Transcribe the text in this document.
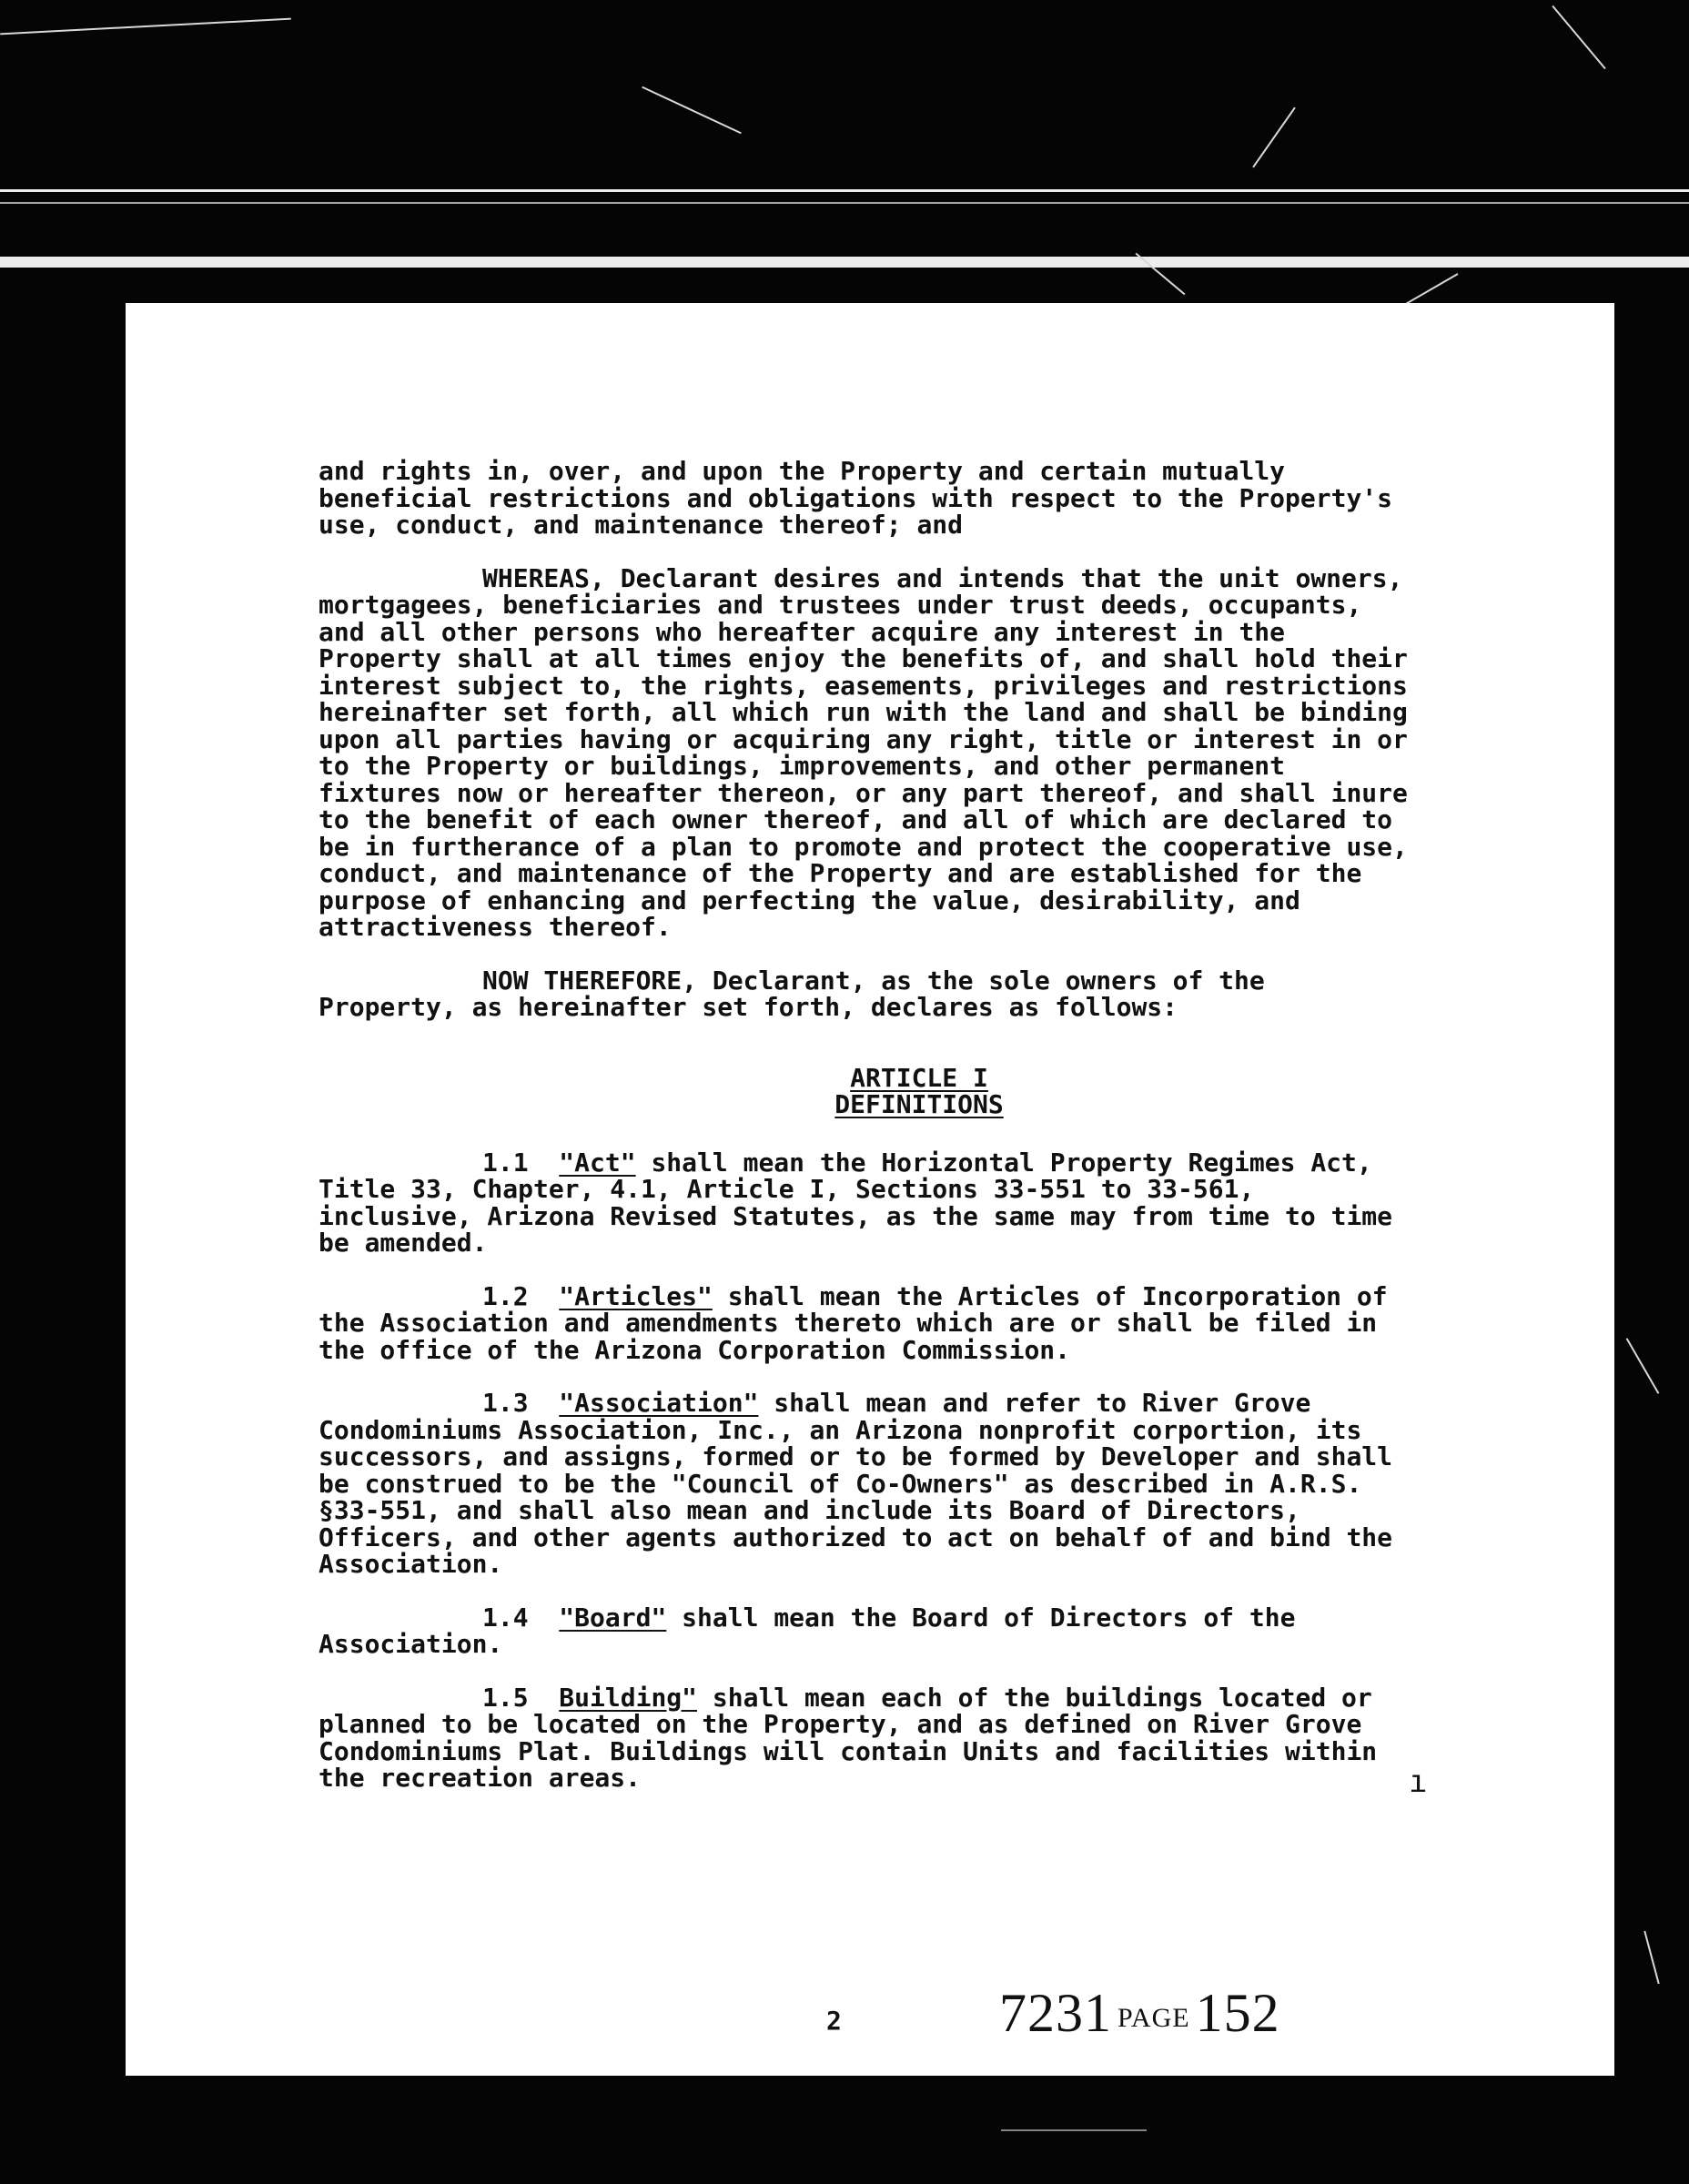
and rights in, over, and upon the Property and certain mutually beneficial restrictions and obligations with respect to the Property's use, conduct, and maintenance thereof; and

WHEREAS, Declarant desires and intends that the unit owners, mortgagees, beneficiaries and trustees under trust deeds, occupants, and all other persons who hereafter acquire any interest in the Property shall at all times enjoy the benefits of, and shall hold their interest subject to, the rights, easements, privileges and restrictions hereinafter set forth, all which run with the land and shall be binding upon all parties having or acquiring any right, title or interest in or to the Property or buildings, improvements, and other permanent fixtures now or hereafter thereon, or any part thereof, and shall inure to the benefit of each owner thereof, and all of which are declared to be in furtherance of a plan to promote and protect the cooperative use, conduct, and maintenance of the Property and are established for the purpose of enhancing and perfecting the value, desirability, and attractiveness thereof.

NOW THEREFORE, Declarant, as the sole owners of the Property, as hereinafter set forth, declares as follows:

ARTICLE I
DEFINITIONS

1.1 "Act" shall mean the Horizontal Property Regimes Act, Title 33, Chapter, 4.1, Article I, Sections 33-551 to 33-561, inclusive, Arizona Revised Statutes, as the same may from time to time be amended.

1.2 "Articles" shall mean the Articles of Incorporation of the Association and amendments thereto which are or shall be filed in the office of the Arizona Corporation Commission.

1.3 "Association" shall mean and refer to River Grove Condominiums Association, Inc., an Arizona nonprofit corportion, its successors, and assigns, formed or to be formed by Developer and shall be construed to be the "Council of Co-Owners" as described in A.R.S. §33-551, and shall also mean and include its Board of Directors, Officers, and other agents authorized to act on behalf of and bind the Association.

1.4 "Board" shall mean the Board of Directors of the Association.

1.5 Building" shall mean each of the buildings located or planned to be located on the Property, and as defined on River Grove Condominiums Plat. Buildings will contain Units and facilities within the recreation areas.	ı
2	7231 PAGE 152
